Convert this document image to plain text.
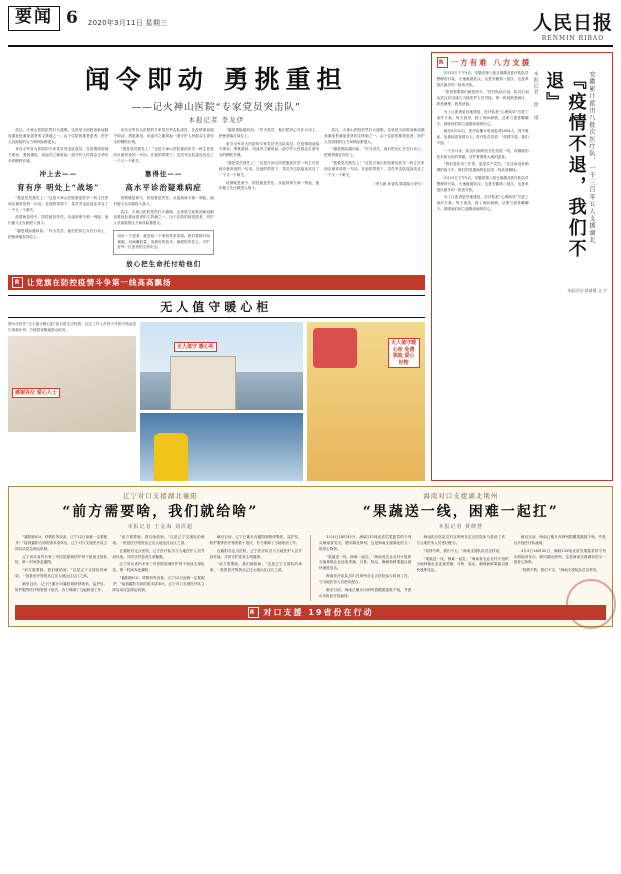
要闻 6 2020年3月11日 星期三	人民日报
RENMIN RIBAO
闻令即动 勇挑重担
——记火神山医院“专家党员突击队”
本报记者 李龙伊

武汉，火神山医院依然灯火通明。这里是当前救治新冠肺炎重症危重症患者的主阵地之一。由于住院的都是患者，医护人员面临的压力和风险都很大。

来自全军各大医院的专家党员突击队成员，在疫情面前闻令即动、勇挑重担，用血肉之躯筑起一道守护人民群众生命安全的钢铁长城。

冲上去——
育有序 明处上“战场”

“我是党员我先上！”这是火神山医院重症医学一科主任张西京最常说的一句话。在他的带领下，党员突击队接连攻克了一个又一个难关。

疫情就是命令，防控就是责任。从接到命令那一刻起，他们便义无反顾投入战斗。

“越是艰险越向前。”作为党员，他们把初心写在行动上、把使命落在岗位上。

来自全军各大医院的专家党员突击队成员，在疫情面前闻令即动、勇挑重担，用血肉之躯筑起一道守护人民群众生命安全的钢铁长城。

“我是党员我先上！”这是火神山医院重症医学一科主任张西京最常说的一句话。在他的带领下，党员突击队接连攻克了一个又一个难关。

靠得住——
高水平诊治疑难病症

疫情就是命令，防控就是责任。从接到命令那一刻起，他们便义无反顾投入战斗。

武汉，火神山医院依然灯火通明。这里是当前救治新冠肺炎重症危重症患者的主阵地之一。由于住院的都是患者，医护人员面临的压力和风险都很大。

治好一个患者，就是给一个家庭带来希望。我们要和时间赛跑，同病魔较量，用最好的技术、最强的责任心，守护好每一位患者的生命安全。
放心把生命托付给他们

“越是艰险越向前。”作为党员，他们把初心写在行动上、把使命落在岗位上。

来自全军各大医院的专家党员突击队成员，在疫情面前闻令即动、勇挑重担，用血肉之躯筑起一道守护人民群众生命安全的钢铁长城。

“我是党员我先上！”这是火神山医院重症医学一科主任张西京最常说的一句话。在他的带领下，党员突击队接连攻克了一个又一个难关。

疫情就是命令，防控就是责任。从接到命令那一刻起，他们便义无反顾投入战斗。

武汉，火神山医院依然灯火通明。这里是当前救治新冠肺炎重症危重症患者的主阵地之一。由于住院的都是患者，医护人员面临的压力和风险都很大。

“越是艰险越向前。”作为党员，他们把初心写在行动上、把使命落在岗位上。

“我是党员我先上！”这是火神山医院重症医学一科主任张西京最常说的一句话。在他的带领下，党员突击队接连攻克了一个又一个难关。

（李力源 孙智英 陈超参与采写）
R 让党旗在防控疫情斗争第一线高高飘扬
无人值守暖心柜
图为市民在“无人值守暖心柜”前自取生活物资。社区工作人员每天对柜内物品进行消毒补货，方便居家隔离群众取用。
感谢各位 爱心人士
无人值守 暖心柜
无人值守暖心柜 免费领取 爱心好物
R 一方有难 八方支援

2月15日下午5点，安徽省第八批支援湖北医疗队队员整理好行装，火速驰援武汉。这是安徽第八批次、也是单批次最多的一批医疗队。

“患者需要我们就是命令。”医疗队队长说，队员们到达武汉后迅速与当地医护人员对接，第一时间熟悉病区、熟悉流程、熟悉设备。

为了让患者更好地康复，医疗队把“心理疏导”写进了治疗方案。每天查房，除了询问病情，还要与患者聊聊天，鼓励他们树立战胜疾病的信心。

截至3月10日，医疗队累计收治患者2504人，其中重症、危重症患者数百人。医疗队员们说：“疫情不退，我们不退。”

一个多月来，队员们始终坚守在抗疫一线，用精湛的医术和无私的奉献，守护着荆楚大地的患者。

“我们是医务工作者，更是共产党员。”在这场没有硝烟的战斗中，鲜红的党旗始终在抗疫一线高高飘扬。

2月15日下午5点，安徽省第八批支援湖北医疗队队员整理好行装，火速驰援武汉。这是安徽第八批次、也是单批次最多的一批医疗队。

为了让患者更好地康复，医疗队把“心理疏导”写进了治疗方案。每天查房，除了询问病情，还要与患者聊聊天，鼓励他们树立战胜疾病的信心。

本报记者 徐 靖	『疫情不退，我们不退』	安徽累计派出八批次医疗队、一千三百零五人支援湖北
本报评论·徐靖摄 文 字
辽宁对口支援湖北襄阳
“前方需要啥，我们就给啥”
本报记者 王金海 刘洪超
海南对口支援湖北荆州
“果蔬送一线，困难一起扛”
本报记者 黄晓慧

“襄阳缺ICU、呼吸机等设备，辽宁12日前就一定要配齐！”接到襄阳方面的需求清单后，辽宁对口支援医疗队立即启动应急调运机制。

辽宁省从省内多家三甲医院抽调医护骨干组成支援队伍，第一时间奔赴襄阳。

“前方需要啥，我们就给啥。”这是辽宁支援队的承诺。一批批医疗物资从辽沈大地运往汉江之滨。

截至目前，辽宁已累计向襄阳调拨呼吸机、监护仪、防护服等医疗物资数十批次，有力保障了当地救治工作。

“前方需要啥，我们就给啥。”这是辽宁支援队的承诺。一批批医疗物资从辽沈大地运往汉江之滨。

在襄阳各定点医院，辽宁医疗队员与当地医护人员并肩作战，共同守护患者生命健康。

辽宁省从省内多家三甲医院抽调医护骨干组成支援队伍，第一时间奔赴襄阳。

“襄阳缺ICU、呼吸机等设备，辽宁12日前就一定要配齐！”接到襄阳方面的需求清单后，辽宁对口支援医疗队立即启动应急调运机制。

截至目前，辽宁已累计向襄阳调拨呼吸机、监护仪、防护服等医疗物资数十批次，有力保障了当地救治工作。

在襄阳各定点医院，辽宁医疗队员与当地医护人员并肩作战，共同守护患者生命健康。

“前方需要啥，我们就给啥。”这是辽宁支援队的承诺。一批批医疗物资从辽沈大地运往汉江之滨。

3月4日18时45分，满载132吨优质瓜果蔬菜的专列从海南省发出，驶向湖北荆州。这是海南支援湖北的又一批爱心物资。

“果蔬送一线，困难一起扛。”海南省农业农村厅组织当地种植企业连夜采摘、分拣、装运，确保新鲜果蔬以最快速度送达。

海南医疗队队员们在荆州各定点医院参与救治工作，与当地医务人员密切配合。

截至目前，海南已累计向荆州捐赠果蔬数千吨，并派出多批医疗队驰援。

海南医疗队队员们在荆州各定点医院参与救治工作，与当地医务人员密切配合。

“疫情不散，我们不走。”海南支援队队员这样说。

“果蔬送一线，困难一起扛。”海南省农业农村厅组织当地种植企业连夜采摘、分拣、装运，确保新鲜果蔬以最快速度送达。

截至目前，海南已累计向荆州捐赠果蔬数千吨，并派出多批医疗队驰援。

3月4日18时45分，满载132吨优质瓜果蔬菜的专列从海南省发出，驶向湖北荆州。这是海南支援湖北的又一批爱心物资。

“疫情不散，我们不走。”海南支援队队员这样说。

R 对口支援 19省份在行动
